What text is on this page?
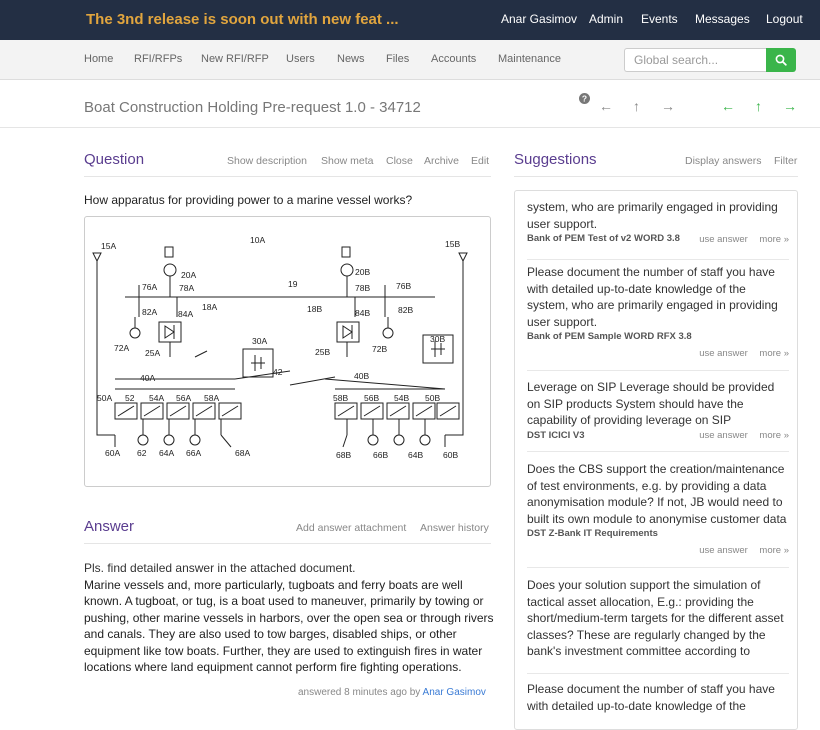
The 3nd release is soon out with new feat ...	Anar Gasimov Admin Events Messages Logout
Home RFI/RFPs New RFI/RFP Users News Files Accounts Maintenance
?
Global search...
Boat Construction Holding Pre-request 1.0 - 34712	← ↑ →	← ↑ →
Question	Show description Show meta Close Archive Edit
How apparatus for providing power to a marine vessel works?
15A
10A	15B
20A	20B
78A	78B
76A	76B
82A	82B
84A	84B
18A	18B
19
72A	72B
25A	25B
30A	30B
40A	40B
42
50A 52 54A 56A 58A	58B 56B 54B 50B
60A 62 64A 66A	68A	68B	66B 64B 60B
Answer	Add answer attachment Answer history
Pls. find detailed answer in the attached document.
Marine vessels and, more particularly, tugboats and ferry boats are well known. A tugboat, or tug, is a boat used to maneuver, primarily by towing or pushing, other marine vessels in harbors, over the open sea or through rivers and canals. They are also used to tow barges, disabled ships, or other equipment like tow boats. Further, they are used to extinguish fires in water locations where land equipment cannot perform fire fighting operations.
answered 8 minutes ago by Anar Gasimov
Suggestions	Display answers Filter
system, who are primarily engaged in providing user support.
Bank of PEM Test of v2 WORD 3.8	use answer more »
Please document the number of staff you have with detailed up-to-date knowledge of the system, who are primarily engaged in providing user support.
Bank of PEM Sample WORD RFX 3.8
use answer more »
Leverage on SIP Leverage should be provided on SIP products System should have the capability of providing leverage on SIP
DST ICICI V3	use answer more »
Does the CBS support the creation/maintenance of test environments, e.g. by providing a data anonymisation module? If not, JB would need to built its own module to anonymise customer data
DST Z-Bank IT Requirements
use answer more »
Does your solution support the simulation of tactical asset allocation, E.g.: providing the short/medium-term targets for the different asset classes? These are regularly changed by the bank's investment committee according to
Please document the number of staff you have with detailed up-to-date knowledge of the
